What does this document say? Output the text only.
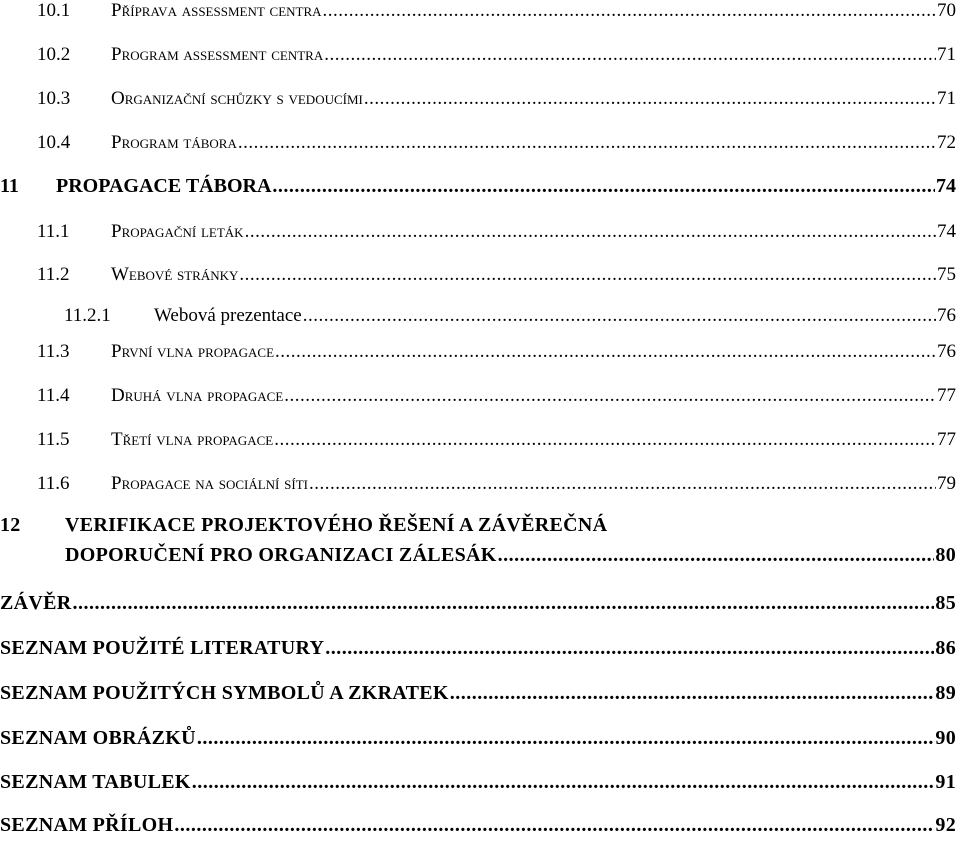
10.1	Přípravа assessment centra .....	70
10.2	Program assessment centra .....	71
10.3	Organizační schůzky s vedoucími .....	71
10.4	Program tábora .....	72
11	PROPAGACE TÁBORA .....	74
11.1	Propagační leták .....	74
11.2	Webové stránky .....	75
11.2.1	Webová prezentace .....	76
11.3	První vlna propagace .....	76
11.4	Druhá vlna propagace .....	77
11.5	Třetí vlna propagace .....	77
11.6	Propagace na sociální síti .....	79
12	VERIFIKACE PROJEKTOVÉHO ŘEŠENÍ A ZÁVĚREČNÁ
DOPORUČENÍ PRO ORGANIZACI ZÁLESÁK .....	80
ZÁVĚR .....	85
SEZNAM POUŽITÉ LITERATURY .....	86
SEZNAM POUŽITÝCH SYMBOLŮ A ZKRATEK .....	89
SEZNAM OBRÁZKŮ .....	90
SEZNAM TABULEK .....	91
SEZNAM PŘÍLOH .....	92
